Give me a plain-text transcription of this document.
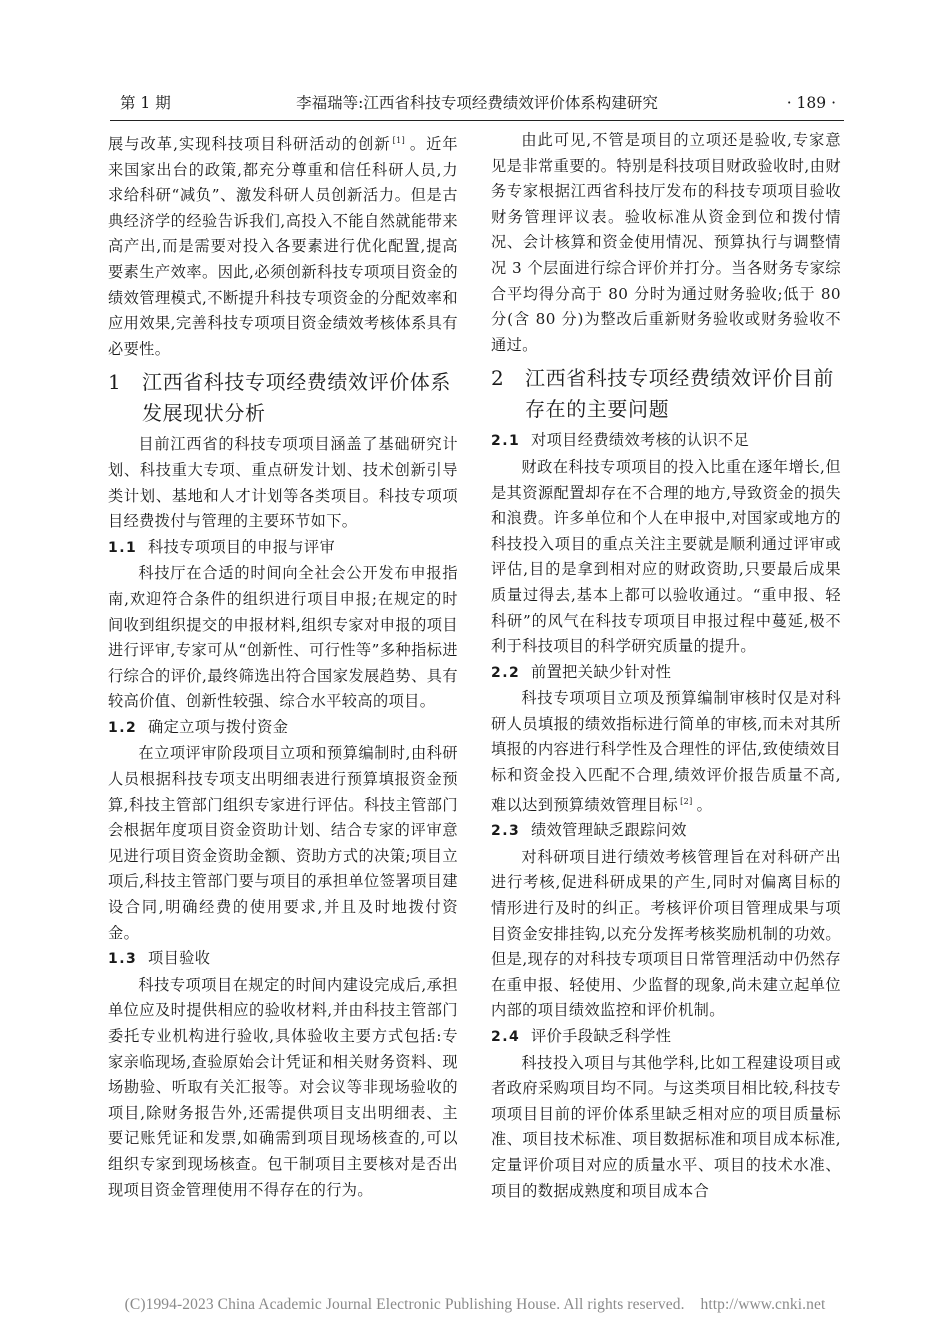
第 1 期	李福瑞等:江西省科技专项经费绩效评价体系构建研究	· 189 ·

展与改革,实现科技项目科研活动的创新 [1] 。近年来国家出台的政策,都充分尊重和信任科研人员,力求给科研“减负”、激发科研人员创新活力。但是古典经济学的经验告诉我们,高投入不能自然就能带来高产出,而是需要对投入各要素进行优化配置,提高要素生产效率。因此,必须创新科技专项项目资金的绩效管理模式,不断提升科技专项资金的分配效率和应用效果,完善科技专项项目资金绩效考核体系具有必要性。

1	江西省科技专项经费绩效评价体系发展现状分析

目前江西省的科技专项项目涵盖了基础研究计划、科技重大专项、重点研发计划、技术创新引导类计划、基地和人才计划等各类项目。科技专项项目经费拨付与管理的主要环节如下。

1.1 科技专项项目的申报与评审

科技厅在合适的时间向全社会公开发布申报指南,欢迎符合条件的组织进行项目申报;在规定的时间收到组织提交的申报材料,组织专家对申报的项目进行评审,专家可从“创新性、可行性等”多种指标进行综合的评价,最终筛选出符合国家发展趋势、具有较高价值、创新性较强、综合水平较高的项目。

1.2 确定立项与拨付资金

在立项评审阶段项目立项和预算编制时,由科研人员根据科技专项支出明细表进行预算填报资金预算,科技主管部门组织专家进行评估。科技主管部门会根据年度项目资金资助计划、结合专家的评审意见进行项目资金资助金额、资助方式的决策;项目立项后,科技主管部门要与项目的承担单位签署项目建设合同,明确经费的使用要求,并且及时地拨付资金。

1.3 项目验收

科技专项项目在规定的时间内建设完成后,承担单位应及时提供相应的验收材料,并由科技主管部门委托专业机构进行验收,具体验收主要方式包括:专家亲临现场,查验原始会计凭证和相关财务资料、现场勘验、听取有关汇报等。对会议等非现场验收的项目,除财务报告外,还需提供项目支出明细表、主要记账凭证和发票,如确需到项目现场核查的,可以组织专家到现场核查。包干制项目主要核对是否出现项目资金管理使用不得存在的行为。

由此可见,不管是项目的立项还是验收,专家意见是非常重要的。特别是科技项目财政验收时,由财务专家根据江西省科技厅发布的科技专项项目验收财务管理评议表。验收标准从资金到位和拨付情况、会计核算和资金使用情况、预算执行与调整情况 3 个层面进行综合评价并打分。当各财务专家综合平均得分高于 80 分时为通过财务验收;低于 80 分(含 80 分)为整改后重新财务验收或财务验收不通过。

2	江西省科技专项经费绩效评价目前存在的主要问题
2.1 对项目经费绩效考核的认识不足

财政在科技专项项目的投入比重在逐年增长,但是其资源配置却存在不合理的地方,导致资金的损失和浪费。许多单位和个人在申报中,对国家或地方的科技投入项目的重点关注主要就是顺利通过评审或评估,目的是拿到相对应的财政资助,只要最后成果质量过得去,基本上都可以验收通过。“重申报、轻科研”的风气在科技专项项目申报过程中蔓延,极不利于科技项目的科学研究质量的提升。

2.2 前置把关缺少针对性

科技专项项目立项及预算编制审核时仅是对科研人员填报的绩效指标进行简单的审核,而未对其所填报的内容进行科学性及合理性的评估,致使绩效目标和资金投入匹配不合理,绩效评价报告质量不高,难以达到预算绩效管理目标 [2] 。

2.3 绩效管理缺乏跟踪问效

对科研项目进行绩效考核管理旨在对科研产出进行考核,促进科研成果的产生,同时对偏离目标的情形进行及时的纠正。考核评价项目管理成果与项目资金安排挂钩,以充分发挥考核奖励机制的功效。但是,现存的对科技专项项目日常管理活动中仍然存在重申报、轻使用、少监督的现象,尚未建立起单位内部的项目绩效监控和评价机制。

2.4 评价手段缺乏科学性

科技投入项目与其他学科,比如工程建设项目或者政府采购项目均不同。与这类项目相比较,科技专项项目目前的评价体系里缺乏相对应的项目质量标准、项目技术标准、项目数据标准和项目成本标准,定量评价项目对应的质量水平、项目的技术水准、项目的数据成熟度和项目成本合

(C)1994-2023 China Academic Journal Electronic Publishing House. All rights reserved.    http://www.cnki.net
